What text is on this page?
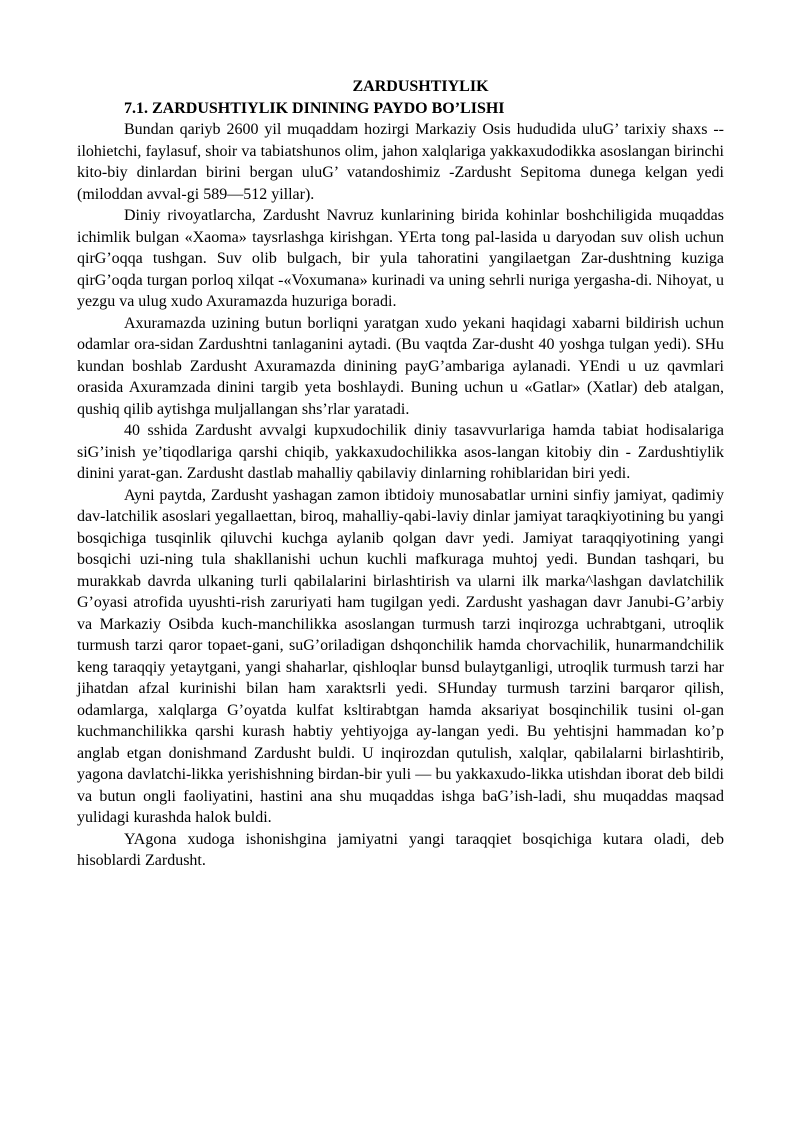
ZARDUSHTIYLIK

7.1. ZARDUSHTIYLIK DININING PAYDO BO’LISHI

Bundan qariyb 2600 yil muqaddam hozirgi Markaziy Osis hududida uluG’ tarixiy shaxs -- ilohietchi, faylasuf, shoir va tabiatshunos olim, jahon xalqlariga yakkaxudodikka asoslangan birinchi kito-biy dinlardan birini bergan uluG’ vatandoshimiz -Zardusht Sepitoma dunega kelgan yedi (miloddan avval-gi 589—512 yillar).

Diniy rivoyatlarcha, Zardusht Navruz kunlarining birida kohinlar boshchiligida muqaddas ichimlik bulgan «Xaoma» taysrlashga kirishgan. YErta tong pal-lasida u daryodan suv olish uchun qirG’oqqa tushgan. Suv olib bulgach, bir yula tahoratini yangilaetgan Zar-dushtning kuziga qirG’oqda turgan porloq xilqat -«Voxumana» kurinadi va uning sehrli nuriga yergasha-di. Nihoyat, u yezgu va ulug xudo Axuramazda huzuriga boradi.

Axuramazda uzining butun borliqni yaratgan xudo yekani haqidagi xabarni bildirish uchun odamlar ora-sidan Zardushtni tanlaganini aytadi. (Bu vaqtda Zar-dusht 40 yoshga tulgan yedi). SHu kundan boshlab Zardusht Axuramazda dinining payG’ambariga aylanadi. YEndi u uz qavmlari orasida Axuramzada dinini targib yeta boshlaydi. Buning uchun u «Gatlar» (Xatlar) deb atalgan, qushiq qilib aytishga muljallangan shs’rlar yaratadi.

40 sshida Zardusht avvalgi kupxudochilik diniy tasavvurlariga hamda tabiat hodisalariga siG’inish ye’tiqodlariga qarshi chiqib, yakkaxudochilikka asos-langan kitobiy din - Zardushtiylik dinini yarat-gan. Zardusht dastlab mahalliy qabilaviy dinlarning rohiblaridan biri yedi.

Ayni paytda, Zardusht yashagan zamon ibtidoiy munosabatlar urnini sinfiy jamiyat, qadimiy dav-latchilik asoslari yegallaettan, biroq, mahalliy-qabi-laviy dinlar jamiyat taraqkiyotining bu yangi bosqichiga tusqinlik qiluvchi kuchga aylanib qolgan davr yedi. Jamiyat taraqqiyotining yangi bosqichi uzi-ning tula shakllanishi uchun kuchli mafkuraga muhtoj yedi. Bundan tashqari, bu murakkab davrda ulkaning turli qabilalarini birlashtirish va ularni ilk marka^lashgan davlatchilik G’oyasi atrofida uyushti-rish zaruriyati ham tugilgan yedi. Zardusht yashagan davr Janubi-G’arbiy va Markaziy Osibda kuch-manchilikka asoslangan turmush tarzi inqirozga uchrabtgani, utroqlik turmush tarzi qaror topaet-gani, suG’oriladigan dshqonchilik hamda chorvachilik, hunarmandchilik keng taraqqiy yetaytgani, yangi shaharlar, qishloqlar bunsd bulaytganligi, utroqlik turmush tarzi har jihatdan afzal kurinishi bilan ham xaraktsrli yedi. SHunday turmush tarzini barqaror qilish, odamlarga, xalqlarga G’oyatda kulfat ksltirabtgan hamda aksariyat bosqinchilik tusini ol-gan kuchmanchilikka qarshi kurash habtiy yehtiyojga ay-langan yedi. Bu yehtisjni hammadan ko’p anglab etgan donishmand Zardusht buldi. U inqirozdan qutulish, xalqlar, qabilalarni birlashtirib, yagona davlatchi-likka yerishishning birdan-bir yuli — bu yakkaxudo-likka utishdan iborat deb bildi va butun ongli faoliyatini, hastini ana shu muqaddas ishga baG’ish-ladi, shu muqaddas maqsad yulidagi kurashda halok buldi.

YAgona xudoga ishonishgina jamiyatni yangi taraqqiet bosqichiga kutara oladi, deb hisoblardi Zardusht.
